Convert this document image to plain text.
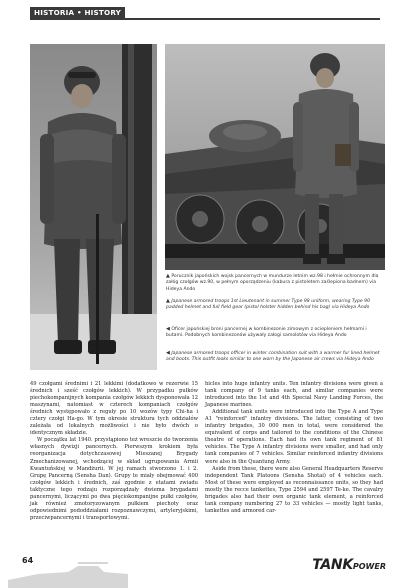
HISTORIA • HISTORY
▲ Porucznik japońskich wojsk pancernych w mundurze letnim wz.98 i hełmie ochronnym dla załóg czołgów wz.90, w pełnym oporządzeniu (kabura z pistoletem zaślepiona badnem) via Hideya Ando
▲ Japanese armored troops 1st Lieutenant in summer Type 98 uniform, wearing Type 90 padded helmet and full field gear (pistol holster hidden behind his bag) via Hideya Ando
◀ Oficer japońskiej broni pancernej w kombinezonie zimowym z ociepleniem hełmami i butami. Podobnych kombinezonów używały załogi samolotów via Hideya Ando
◀ Japanese armored troops officer in winter combination suit with a warmer fur lined helmet and boots. This outfit looks similar to one worn by the Japanese air crews via Hideya Ando

49 czołgami średnimi i 21 lekkimi (dodatkowo w rezerwie 15 średnich i sześć czołgów lekkich). W przypadku pułków piechokompanijnych kompania czołgów lekkich dysponowała 12 maszynami, natomiast w czterech kompaniach czołgów średnich występowało z reguły po 10 wozów typy Chi-ha i cztery czołgi Ha-go. W tym okresie struktura tych oddziałów zależała od lokalnych możliwości i nie było dwóch o identycznym składzie.

W początku lat 1940. przystąpiono też wreszcie do tworzenia własnych dywizji pancernych. Pierwszym krokiem była reorganizacja dotychczasowej Mieszanej Brygady Zmechanizowanej, wchodzącej w skład ugrupowania Armii Kwantuńskiej w Mandżurii. W jej ramach stworzono 1. i 2. Grupę Pancerną (Sensha Dan). Grupy te miały obejmować 400 czołgów lekkich i średnich, zaś zgodnie z etatami zwiadu taktyczne tego rodzaju rozporządzały dwiema brygadami pancernymi, liczącymi po dwa pięciokompanijne pułki czołgów, jak również zmotoryzowanym pułkiem piechoty oraz odpowiednimi pododdziałami rozpoznawczymi, artyleryjskimi, przeciwpancernymi i transportowymi.

hicles into huge infantry units. Ten infantry divisions were given a tank company of 9 tanks each, and similar companies were introduced into the 1st and 4th Special Navy Landing Forces, the Japanese marines.

Additional tank units were introduced into the Type A and Type A1 "reinforced" infantry divisions. The latter, consisting of two infantry brigades, 30 000 men in total, were considered the equivalent of corps and tailored to the conditions of the Chinese theatre of operations. Each had its own tank regiment of 81 vehicles. The Type A infantry divisions were smaller, and had only tank companies of 7 vehicles. Similar reinforced infantry divisions were also in the Quantung Army.

Aside from these, there were also General Headquarters Reserve independent Tank Platoons (Sensha Shotai) of 4 vehicles each. Most of these were employed as reconnaissance units, so they had mostly the recce tankettes, Type 2594 and 2597 Te-ke. The cavalry brigades also had their own organic tank element, a reinforced tank company numbering 27 to 33 vehicles — mostly light tanks, tankettes and armored car-

64	TANKPOWER
